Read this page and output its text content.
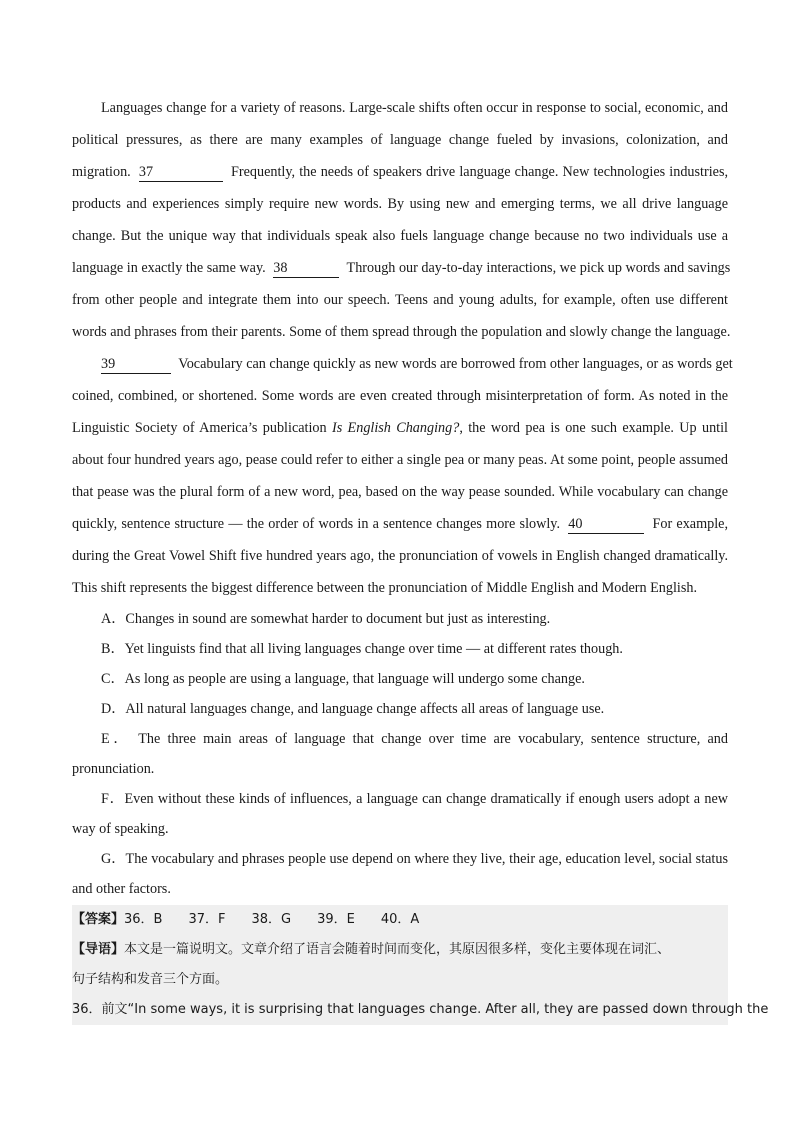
Languages change for a variety of reasons. Large-scale shifts often occur in response to social, economic, and
political pressures, as there are many examples of language change fueled by invasions, colonization, and
migration. 37	Frequently, the needs of speakers drive language change. New technologies industries,
products and experiences simply require new words. By using new and emerging terms, we all drive language
change. But the unique way that individuals speak also fuels language change because no two individuals use a
language in exactly the same way. 38	Through our day-to-day interactions, we pick up words and savings
from other people and integrate them into our speech. Teens and young adults, for example, often use different
words and phrases from their parents. Some of them spread through the population and slowly change the language.
39	Vocabulary can change quickly as new words are borrowed from other languages, or as words get
coined, combined, or shortened. Some words are even created through misinterpretation of form. As noted in the
Linguistic Society of America’s publication Is English Changing?, the word pea is one such example. Up until
about four hundred years ago, pease could refer to either a single pea or many peas. At some point, people assumed
that pease was the plural form of a new word, pea, based on the way pease sounded. While vocabulary can change
quickly, sentence structure — the order of words in a sentence changes more slowly. 40	For example,
during the Great Vowel Shift five hundred years ago, the pronunciation of vowels in English changed dramatically.
This shift represents the biggest difference between the pronunciation of Middle English and Modern English.
A．Changes in sound are somewhat harder to document but just as interesting.
B．Yet linguists find that all living languages change over time — at different rates though.
C．As long as people are using a language, that language will undergo some change.
D．All natural languages change, and language change affects all areas of language use.
E． The three main areas of language that change over time are vocabulary, sentence structure, and
pronunciation.
F．Even without these kinds of influences, a language can change dramatically if enough users adopt a new
way of speaking.
G．The vocabulary and phrases people use depend on where they live, their age, education level, social status
and other factors.
【答案】36．B　　37．F　　38．G　　39．E　　40．A
【导语】本文是一篇说明文。文章介绍了语言会随着时间而变化，其原因很多样，变化主要体现在词汇、
句子结构和发音三个方面。
36．前文“In some ways, it is surprising that languages change. After all, they are passed down through the
